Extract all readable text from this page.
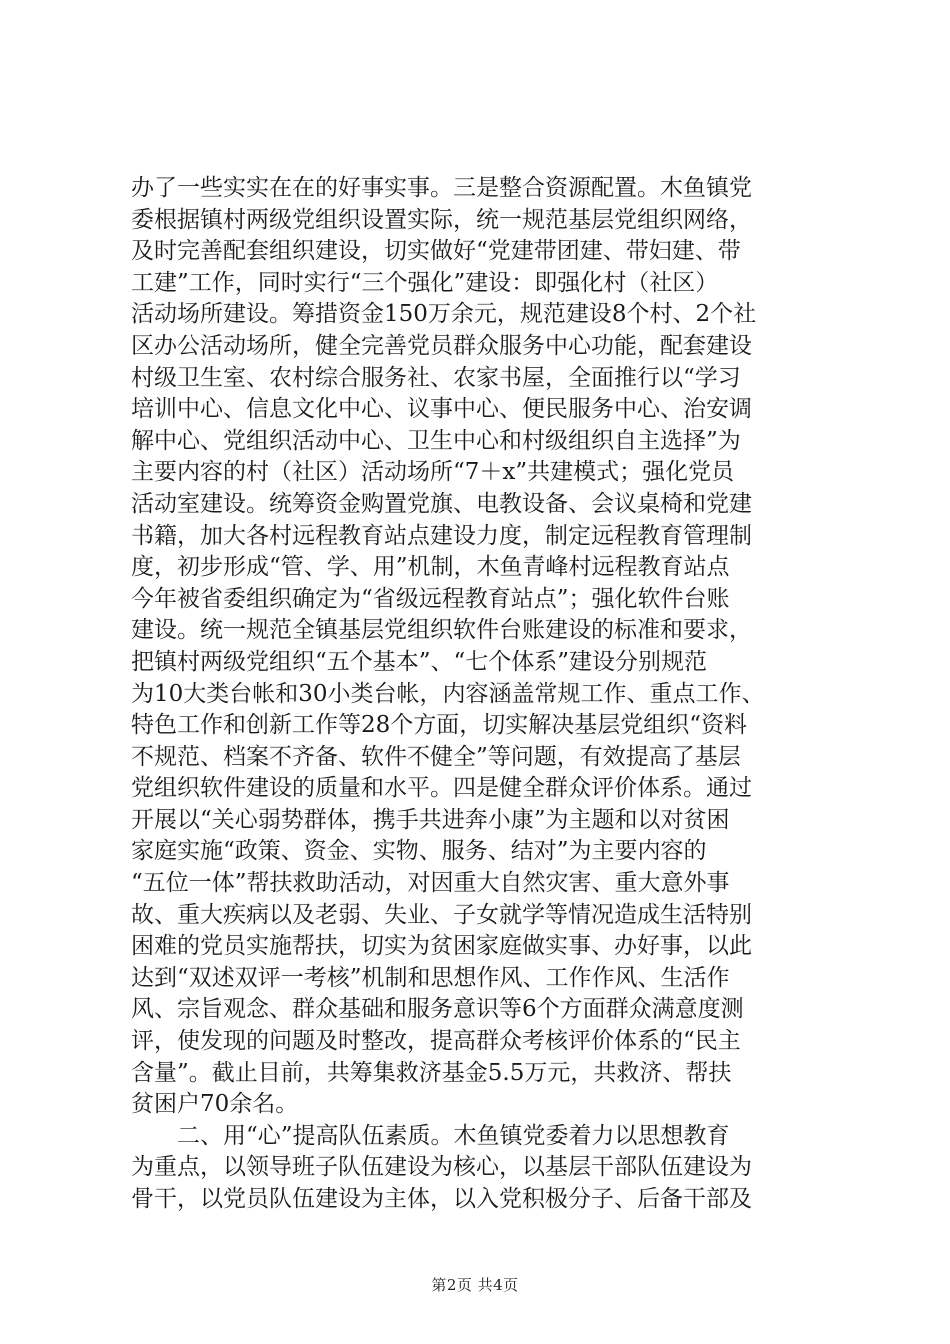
办了一些实实在在的好事实事。三是整合资源配置。木鱼镇党
委根据镇村两级党组织设置实际，统一规范基层党组织网络，
及时完善配套组织建设，切实做好“党建带团建、带妇建、带
工建”工作，同时实行“三个强化”建设：即强化村（社区）
活动场所建设。筹措资金150万余元，规范建设8个村、2个社
区办公活动场所，健全完善党员群众服务中心功能，配套建设
村级卫生室、农村综合服务社、农家书屋，全面推行以“学习
培训中心、信息文化中心、议事中心、便民服务中心、治安调
解中心、党组织活动中心、卫生中心和村级组织自主选择”为
主要内容的村（社区）活动场所“7＋x”共建模式；强化党员
活动室建设。统筹资金购置党旗、电教设备、会议桌椅和党建
书籍，加大各村远程教育站点建设力度，制定远程教育管理制
度，初步形成“管、学、用”机制，木鱼青峰村远程教育站点
今年被省委组织确定为“省级远程教育站点”；强化软件台账
建设。统一规范全镇基层党组织软件台账建设的标准和要求，
把镇村两级党组织“五个基本”、“七个体系”建设分别规范
为10大类台帐和30小类台帐，内容涵盖常规工作、重点工作、
特色工作和创新工作等28个方面，切实解决基层党组织“资料
不规范、档案不齐备、软件不健全”等问题，有效提高了基层
党组织软件建设的质量和水平。四是健全群众评价体系。通过
开展以“关心弱势群体，携手共进奔小康”为主题和以对贫困
家庭实施“政策、资金、实物、服务、结对”为主要内容的
“五位一体”帮扶救助活动，对因重大自然灾害、重大意外事
故、重大疾病以及老弱、失业、子女就学等情况造成生活特别
困难的党员实施帮扶，切实为贫困家庭做实事、办好事，以此
达到“双述双评一考核”机制和思想作风、工作作风、生活作
风、宗旨观念、群众基础和服务意识等6个方面群众满意度测
评，使发现的问题及时整改，提高群众考核评价体系的“民主
含量”。截止目前，共筹集救济基金5.5万元，共救济、帮扶
贫困户70余名。
　　二、用“心”提高队伍素质。木鱼镇党委着力以思想教育
为重点，以领导班子队伍建设为核心，以基层干部队伍建设为
骨干，以党员队伍建设为主体，以入党积极分子、后备干部及
第2页 共4页
